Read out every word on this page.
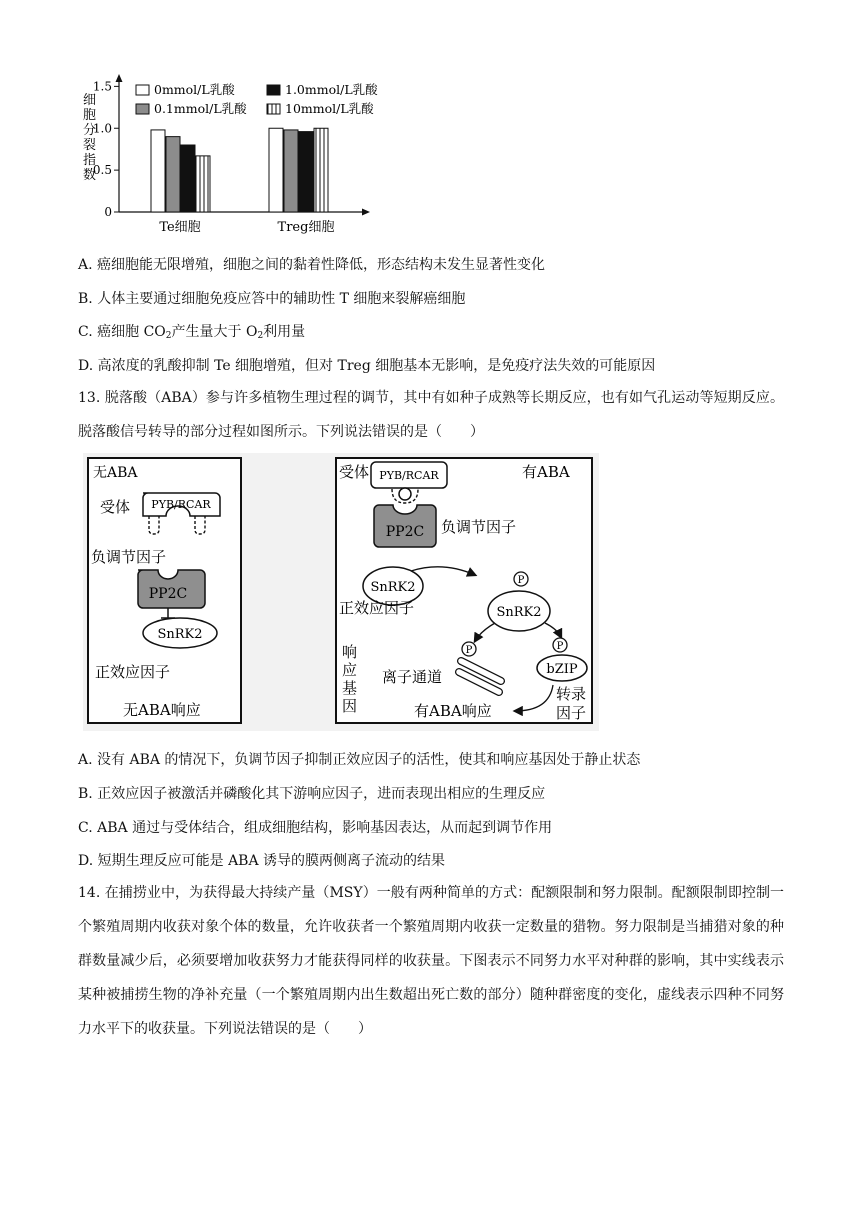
0
0.5
1.0
1.5
细胞分裂指数
Te细胞	Treg细胞
0mmol/L乳酸
0.1mmol/L乳酸
1.0mmol/L乳酸
10mmol/L乳酸
A. 癌细胞能无限增殖，细胞之间的黏着性降低，形态结构未发生显著性变化
B. 人体主要通过细胞免疫应答中的辅助性 T 细胞来裂解癌细胞
C. 癌细胞 $CO_2$产生量大于 $O_2$利用量
D. 高浓度的乳酸抑制 Te 细胞增殖，但对 Treg 细胞基本无影响，是免疫疗法失效的可能原因
13. 脱落酸（ABA）参与许多植物生理过程的调节，其中有如种子成熟等长期反应，也有如气孔运动等短期反应。脱落酸信号转导的部分过程如图所示。下列说法错误的是（　　）
无ABA
受体 PYB/RCAR
负调节因子
PP2C
SnRK2
正效应因子
无ABA响应
受体 PYB/RCAR	有ABA
PP2C 负调节因子
SnRK2	P
SnRK2
正效应因子
P	P
bZIP
响
应
基
因
离子通道
转录
因子
有ABA响应
A. 没有 ABA 的情况下，负调节因子抑制正效应因子的活性，使其和响应基因处于静止状态
B. 正效应因子被激活并磷酸化其下游响应因子，进而表现出相应的生理反应
C. ABA 通过与受体结合，组成细胞结构，影响基因表达，从而起到调节作用
D. 短期生理反应可能是 ABA 诱导的膜两侧离子流动的结果
14. 在捕捞业中，为获得最大持续产量（MSY）一般有两种简单的方式：配额限制和努力限制。配额限制即控制一个繁殖周期内收获对象个体的数量，允许收获者一个繁殖周期内收获一定数量的猎物。努力限制是当捕猎对象的种群数量减少后，必须要增加收获努力才能获得同样的收获量。下图表示不同努力水平对种群的影响，其中实线表示某种被捕捞生物的净补充量（一个繁殖周期内出生数超出死亡数的部分）随种群密度的变化，虚线表示四种不同努力水平下的收获量。下列说法错误的是（　　）
